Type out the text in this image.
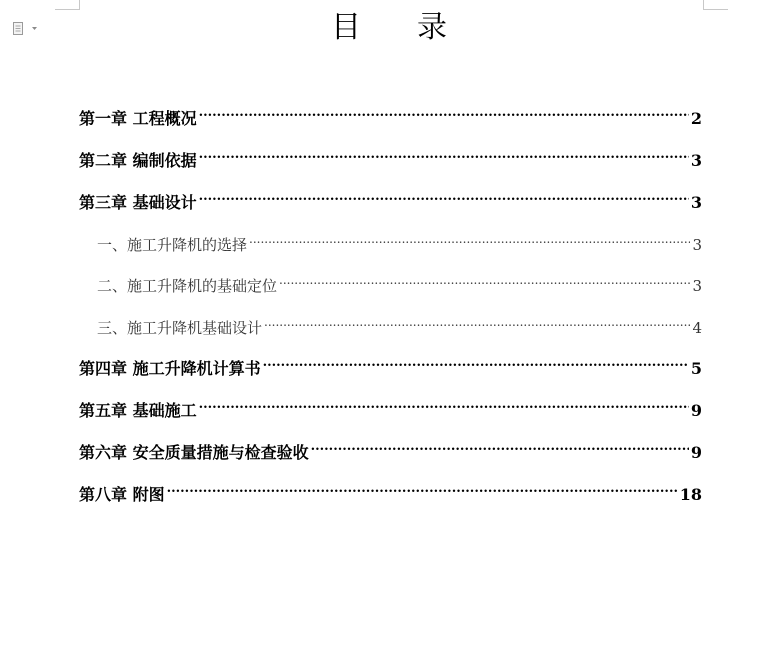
目 录
第一章 工程概况 .....	2
第二章 编制依据 .....	3
第三章 基础设计 .....	3
一、施工升降机的选择 .....	3
二、施工升降机的基础定位 .....	3
三、施工升降机基础设计 .....	4
第四章 施工升降机计算书 .....	5
第五章 基础施工 .....	9
第六章 安全质量措施与检查验收 .....	9
第八章 附图 .....	18
